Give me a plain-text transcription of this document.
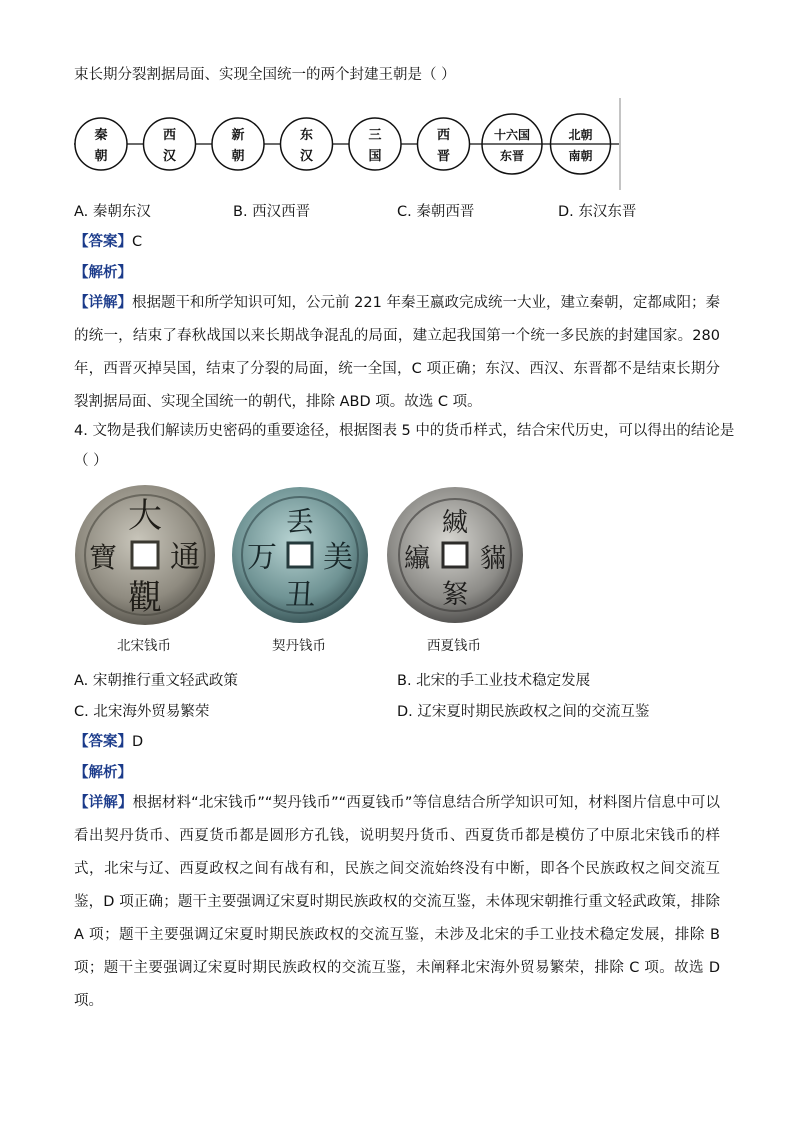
束长期分裂割据局面、实现全国统一的两个封建王朝是（ ）
秦
朝
西
汉
新
朝
东
汉
三
国
西
晋
十六国
东晋
北朝
南朝
A. 秦朝东汉	B. 西汉西晋	C. 秦朝西晋	D. 东汉东晋
【答案】C
【解析】
【详解】根据题干和所学知识可知，公元前 221 年秦王嬴政完成统一大业，建立秦朝，定都咸阳；秦的统一，结束了春秋战国以来长期战争混乱的局面，建立起我国第一个统一多民族的封建国家。280 年，西晋灭掉吴国，结束了分裂的局面，统一全国，C 项正确；东汉、西汉、东晋都不是结束长期分裂割据局面、实现全国统一的朝代，排除 ABD 项。故选 C 项。
4. 文物是我们解读历史密码的重要途径，根据图表 5 中的货币样式，结合宋代历史，可以得出的结论是
（ ）
大
通
觀
寶
丢
美
丑
万
縅
䝡
䋈
䌴
北宋钱币	契丹钱币	西夏钱币
A. 宋朝推行重文轻武政策	B. 北宋的手工业技术稳定发展
C. 北宋海外贸易繁荣	D. 辽宋夏时期民族政权之间的交流互鉴
【答案】D
【解析】
【详解】根据材料“北宋钱币”“契丹钱币”“西夏钱币”等信息结合所学知识可知，材料图片信息中可以看出契丹货币、西夏货币都是圆形方孔钱，说明契丹货币、西夏货币都是模仿了中原北宋钱币的样式，北宋与辽、西夏政权之间有战有和，民族之间交流始终没有中断，即各个民族政权之间交流互鉴，D 项正确；题干主要强调辽宋夏时期民族政权的交流互鉴，未体现宋朝推行重文轻武政策，排除 A 项；题干主要强调辽宋夏时期民族政权的交流互鉴，未涉及北宋的手工业技术稳定发展，排除 B 项；题干主要强调辽宋夏时期民族政权的交流互鉴，未阐释北宋海外贸易繁荣，排除 C 项。故选 D 项。
